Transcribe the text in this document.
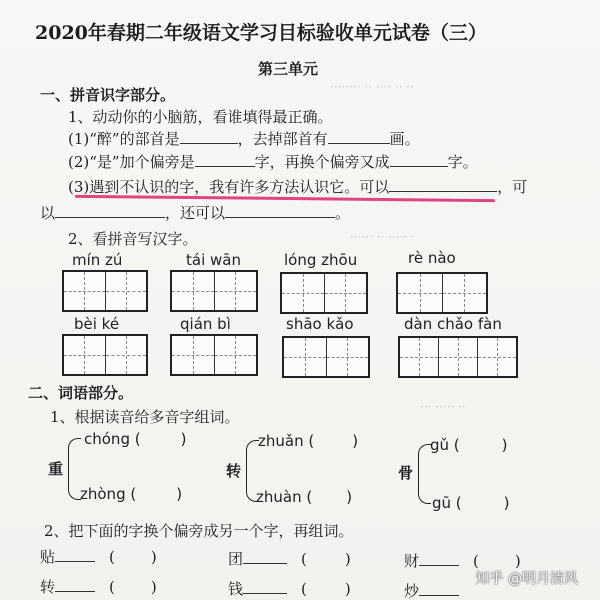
········ ·· ···· ·· ··
······ ·· ····· ·
··· ····· ··
2020年春期二年级语文学习目标验收单元试卷（三）
第三单元
一、拼音识字部分。
1、动动你的小脑筋，看谁填得最正确。
(1)“醉”的部首是	，去掉部首有	画。
(2)“是”加个偏旁是	字，再换个偏旁又成	字。
(3)遇到不认识的字，我有许多方法认识它。可以	，可
以	，还可以	。
2、看拼音写汉字。
mín zú	tái wān	lóng zhōu	rè nào
bèi ké	qián bì	shāo kǎo	dàn chǎo fàn
二、词语部分。
1、根据读音给多音字组词。
重
chóng (	)
zhòng (	)
转
zhuǎn (	)
zhuàn ( )
骨
gǔ (	)
gū (	)
2、把下面的字换个偏旁成另一个字，再组词。
贴	( )	团	(	)	财	( )
转	( )	钱	(	)	炒
知乎 @明月清风
